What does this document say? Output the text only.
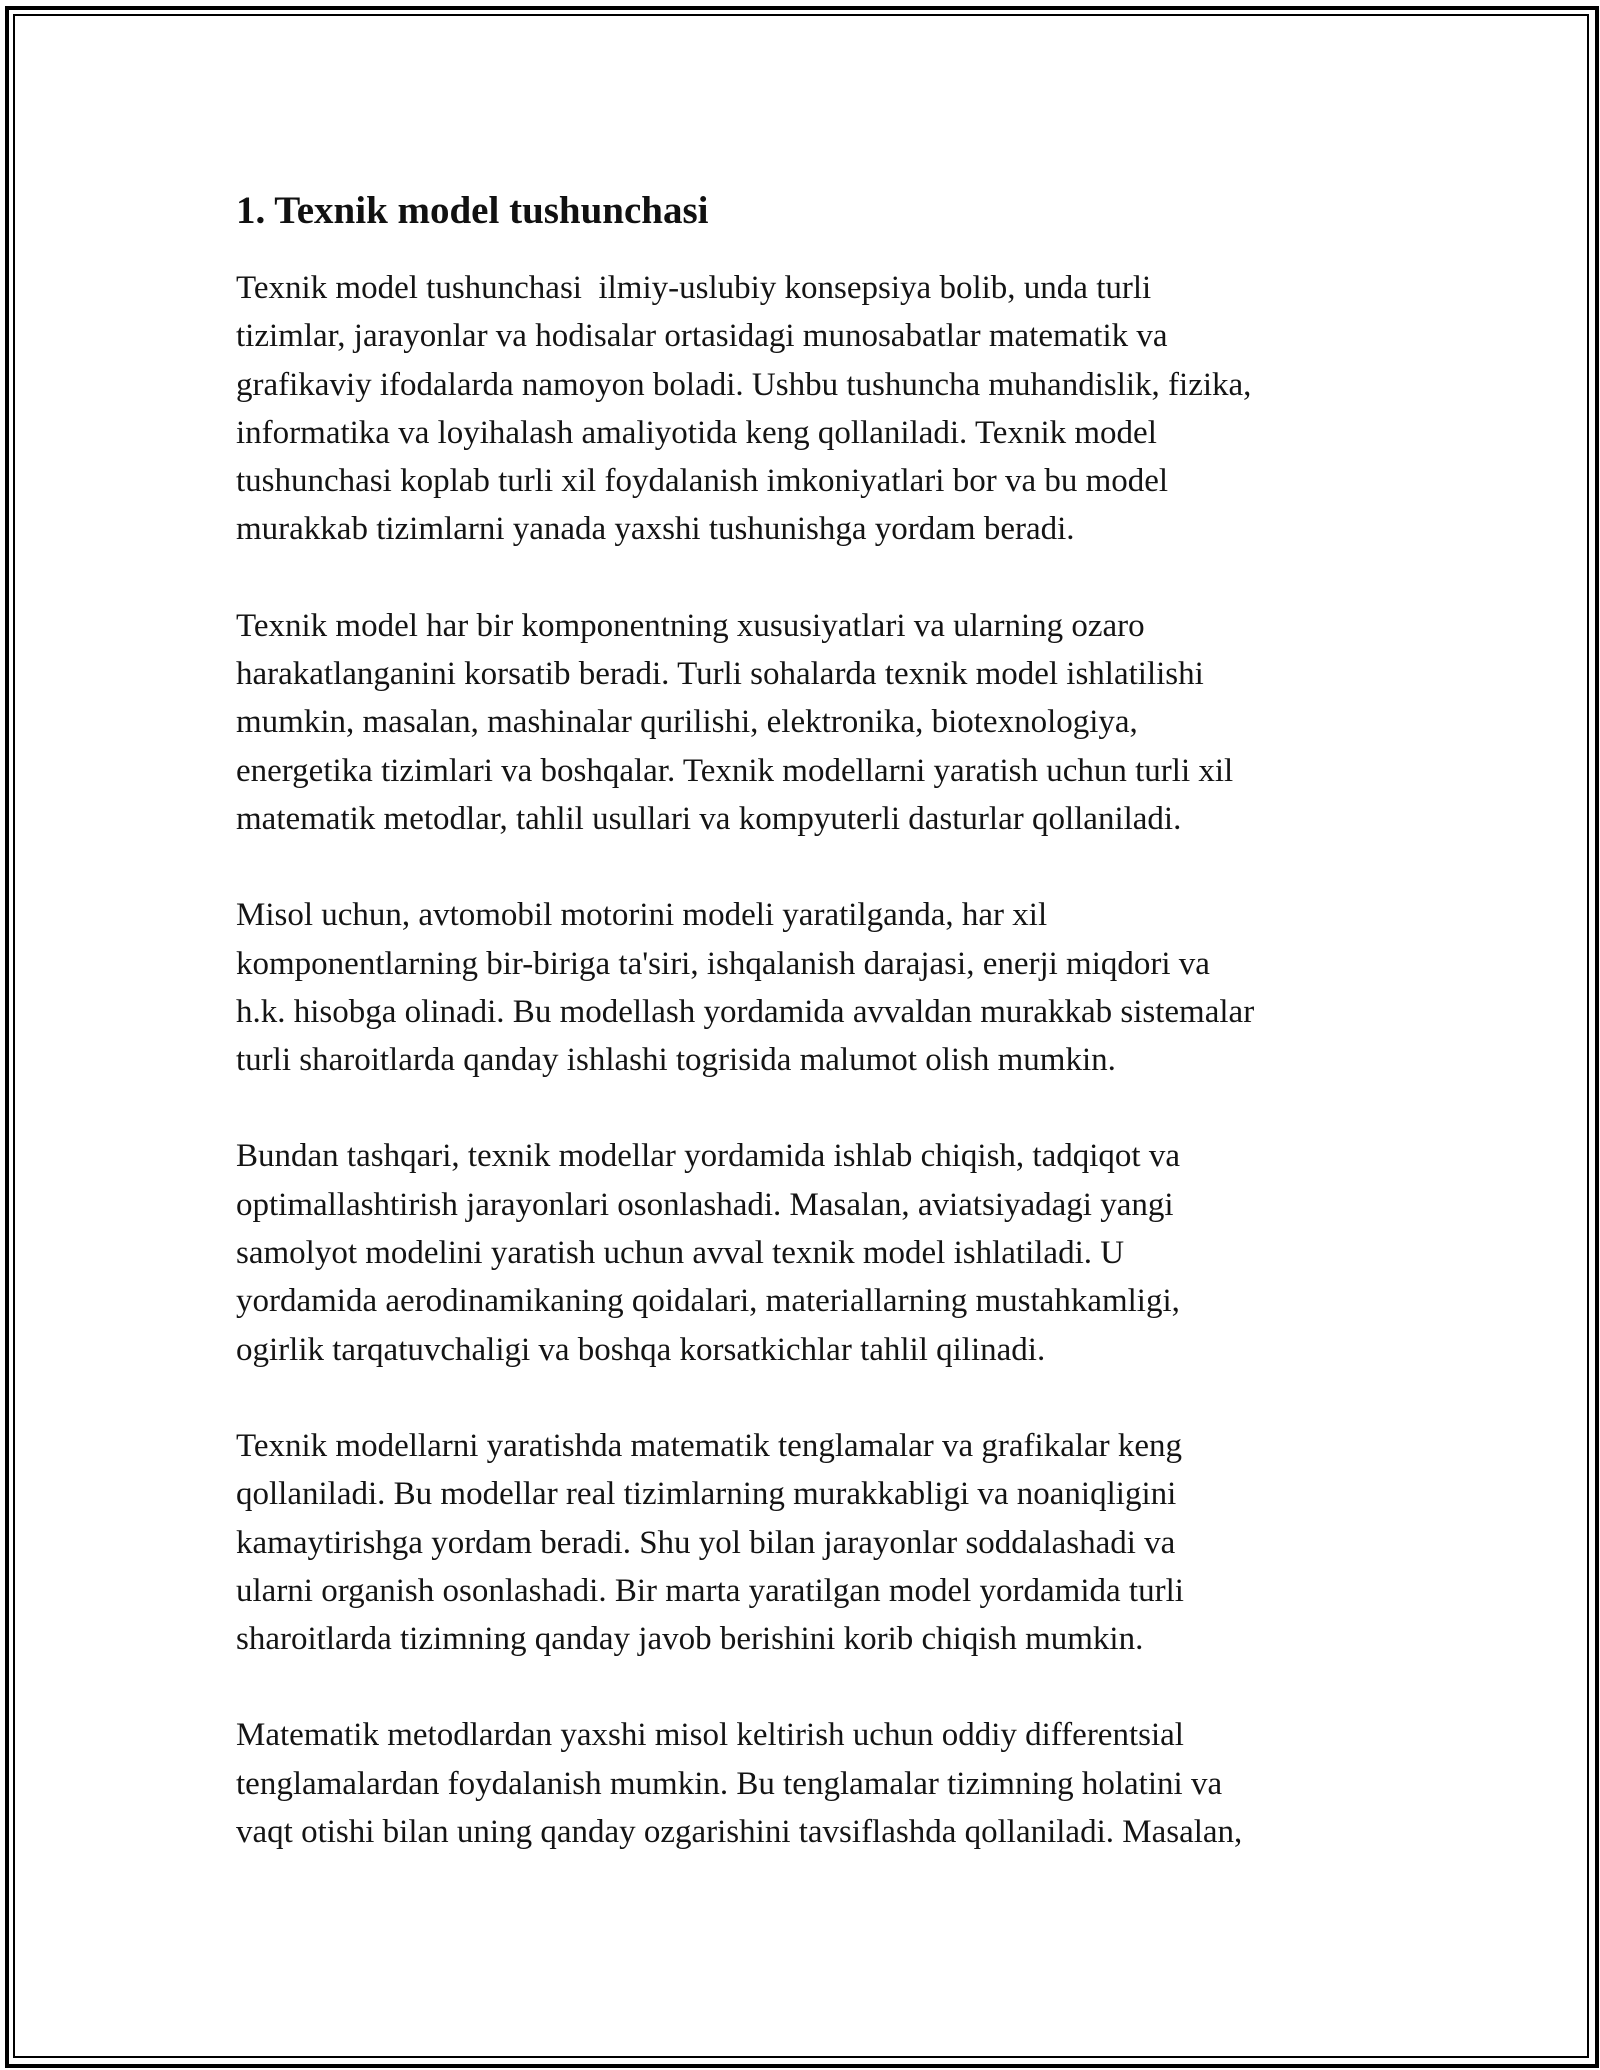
1. Texnik model tushunchasi
Texnik model tushunchasi  ilmiy-uslubiy konsepsiya bolib, unda turli
tizimlar, jarayonlar va hodisalar ortasidagi munosabatlar matematik va
grafikaviy ifodalarda namoyon boladi. Ushbu tushuncha muhandislik, fizika,
informatika va loyihalash amaliyotida keng qollaniladi. Texnik model
tushunchasi koplab turli xil foydalanish imkoniyatlari bor va bu model
murakkab tizimlarni yanada yaxshi tushunishga yordam beradi.
Texnik model har bir komponentning xususiyatlari va ularning ozaro
harakatlanganini korsatib beradi. Turli sohalarda texnik model ishlatilishi
mumkin, masalan, mashinalar qurilishi, elektronika, biotexnologiya,
energetika tizimlari va boshqalar. Texnik modellarni yaratish uchun turli xil
matematik metodlar, tahlil usullari va kompyuterli dasturlar qollaniladi.
Misol uchun, avtomobil motorini modeli yaratilganda, har xil
komponentlarning bir-biriga ta'siri, ishqalanish darajasi, enerji miqdori va
h.k. hisobga olinadi. Bu modellash yordamida avvaldan murakkab sistemalar
turli sharoitlarda qanday ishlashi togrisida malumot olish mumkin.
Bundan tashqari, texnik modellar yordamida ishlab chiqish, tadqiqot va
optimallashtirish jarayonlari osonlashadi. Masalan, aviatsiyadagi yangi
samolyot modelini yaratish uchun avval texnik model ishlatiladi. U
yordamida aerodinamikaning qoidalari, materiallarning mustahkamligi,
ogirlik tarqatuvchaligi va boshqa korsatkichlar tahlil qilinadi.
Texnik modellarni yaratishda matematik tenglamalar va grafikalar keng
qollaniladi. Bu modellar real tizimlarning murakkabligi va noaniqligini
kamaytirishga yordam beradi. Shu yol bilan jarayonlar soddalashadi va
ularni organish osonlashadi. Bir marta yaratilgan model yordamida turli
sharoitlarda tizimning qanday javob berishini korib chiqish mumkin.
Matematik metodlardan yaxshi misol keltirish uchun oddiy differentsial
tenglamalardan foydalanish mumkin. Bu tenglamalar tizimning holatini va
vaqt otishi bilan uning qanday ozgarishini tavsiflashda qollaniladi. Masalan,
